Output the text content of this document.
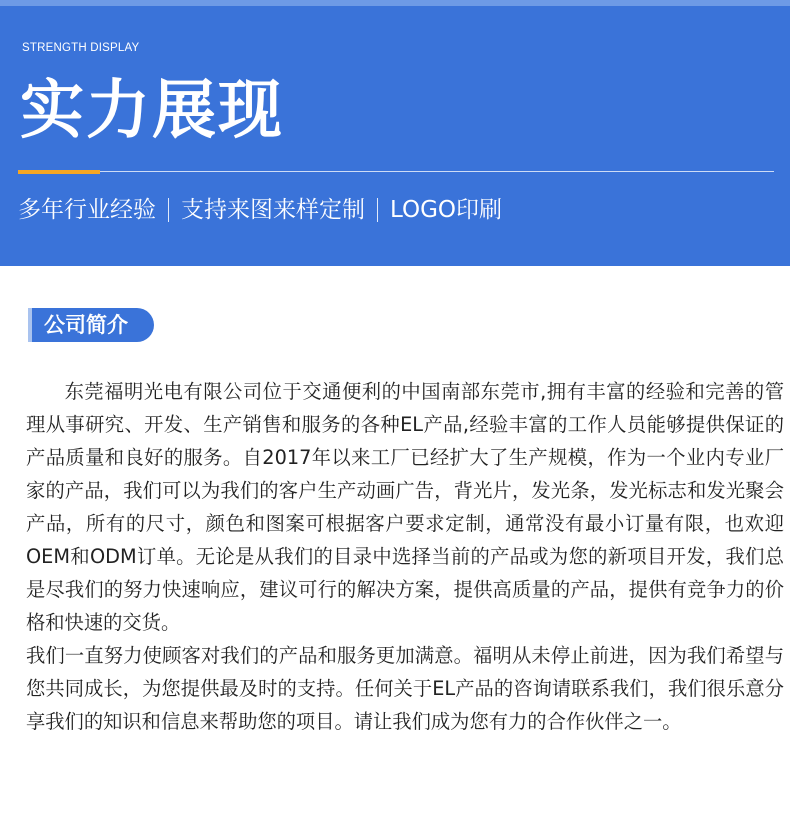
STRENGTH DISPLAY
实力展现
多年行业经验 支持来图来样定制 LOGO印刷
公司简介

东莞福明光电有限公司位于交通便利的中国南部东莞市,拥有丰富的经验和完善的管理从事研究、开发、生产销售和服务的各种EL产品,经验丰富的工作人员能够提供保证的产品质量和良好的服务。自2017年以来工厂已经扩大了生产规模，作为一个业内专业厂家的产品，我们可以为我们的客户生产动画广告，背光片，发光条，发光标志和发光聚会产品，所有的尺寸，颜色和图案可根据客户要求定制，通常没有最小订量有限，也欢迎OEM和ODM订单。无论是从我们的目录中选择当前的产品或为您的新项目开发，我们总是尽我们的努力快速响应，建议可行的解决方案，提供高质量的产品，提供有竞争力的价格和快速的交货。

我们一直努力使顾客对我们的产品和服务更加满意。福明从未停止前进，因为我们希望与您共同成长，为您提供最及时的支持。任何关于EL产品的咨询请联系我们，我们很乐意分享我们的知识和信息来帮助您的项目。请让我们成为您有力的合作伙伴之一。
